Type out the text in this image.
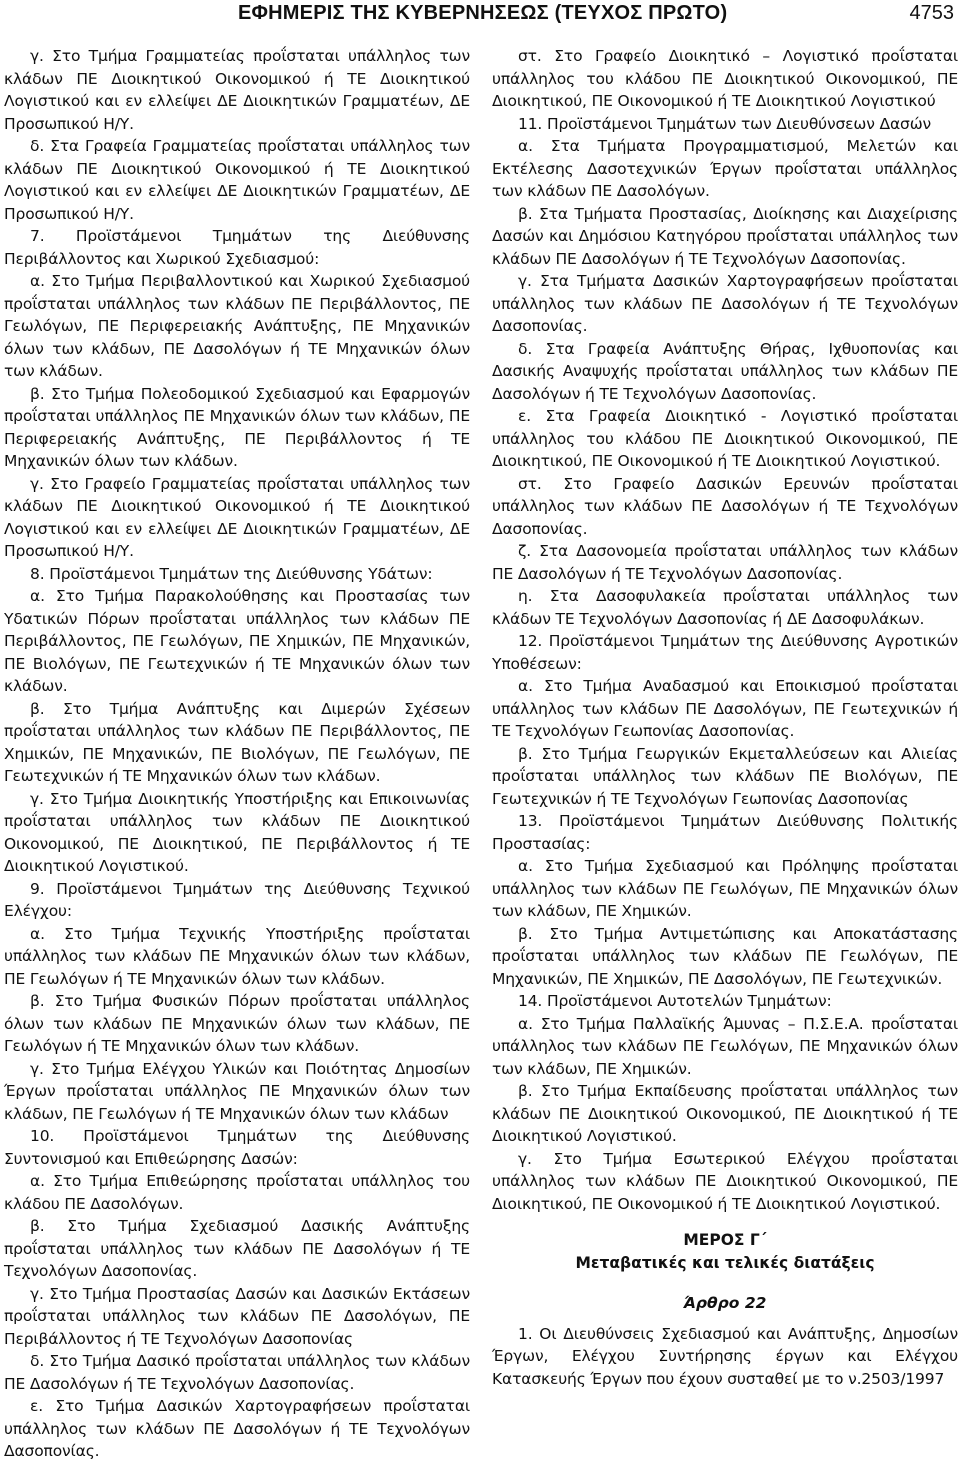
ΕΦΗΜΕΡΙΣ ΤΗΣ ΚΥΒΕΡΝΗΣΕΩΣ (ΤΕΥΧΟΣ ΠΡΩΤΟ)	4753

γ. Στο Τμήμα Γραμματείας προΐσταται υπάλληλος των κλάδων ΠΕ Διοικητικού Οικονομικού ή ΤΕ Διοικητικού Λογιστικού και εν ελλείψει ΔΕ Διοικητικών Γραμματέων, ΔΕ Προσωπικού Η/Υ.

δ. Στα Γραφεία Γραμματείας προΐσταται υπάλληλος των κλάδων ΠΕ Διοικητικού Οικονομικού ή ΤΕ Διοικητικού Λογιστικού και εν ελλείψει ΔΕ Διοικητικών Γραμματέων, ΔΕ Προσωπικού Η/Υ.

7. Προϊστάμενοι Τμημάτων της Διεύθυνσης Περιβάλλοντος και Χωρικού Σχεδιασμού:

α. Στο Τμήμα Περιβαλλοντικού και Χωρικού Σχεδιασμού προΐσταται υπάλληλος των κλάδων ΠΕ Περιβάλλοντος, ΠΕ Γεωλόγων, ΠΕ Περιφερειακής Ανάπτυξης, ΠΕ Μηχανικών όλων των κλάδων, ΠΕ Δασολόγων ή ΤΕ Μηχανικών όλων των κλάδων.

β. Στο Τμήμα Πολεοδομικού Σχεδιασμού και Εφαρμογών προΐσταται υπάλληλος ΠΕ Μηχανικών όλων των κλάδων, ΠΕ Περιφερειακής Ανάπτυξης, ΠΕ Περιβάλλοντος ή ΤΕ Μηχανικών όλων των κλάδων.

γ. Στο Γραφείο Γραμματείας προΐσταται υπάλληλος των κλάδων ΠΕ Διοικητικού Οικονομικού ή ΤΕ Διοικητικού Λογιστικού και εν ελλείψει ΔΕ Διοικητικών Γραμματέων, ΔΕ Προσωπικού Η/Υ.

8. Προϊστάμενοι Τμημάτων της Διεύθυνσης Υδάτων:

α. Στο Τμήμα Παρακολούθησης και Προστασίας των Υδατικών Πόρων προΐσταται υπάλληλος των κλάδων ΠΕ Περιβάλλοντος, ΠΕ Γεωλόγων, ΠΕ Χημικών, ΠΕ Μηχανικών, ΠΕ Βιολόγων, ΠΕ Γεωτεχνικών ή ΤΕ Μηχανικών όλων των κλάδων.

β. Στο Τμήμα Ανάπτυξης και Διμερών Σχέσεων προΐσταται υπάλληλος των κλάδων ΠΕ Περιβάλλοντος, ΠΕ Χημικών, ΠΕ Μηχανικών, ΠΕ Βιολόγων, ΠΕ Γεωλόγων, ΠΕ Γεωτεχνικών ή ΤΕ Μηχανικών όλων των κλάδων.

γ. Στο Τμήμα Διοικητικής Υποστήριξης και Επικοινωνίας προΐσταται υπάλληλος των κλάδων ΠΕ Διοικητικού Οικονομικού, ΠΕ Διοικητικού, ΠΕ Περιβάλλοντος ή ΤΕ Διοικητικού Λογιστικού.

9. Προϊστάμενοι Τμημάτων της Διεύθυνσης Τεχνικού Ελέγχου:

α. Στο Τμήμα Τεχνικής Υποστήριξης προΐσταται υπάλληλος των κλάδων ΠΕ Μηχανικών όλων των κλάδων, ΠΕ Γεωλόγων ή ΤΕ Μηχανικών όλων των κλάδων.

β. Στο Τμήμα Φυσικών Πόρων προΐσταται υπάλληλος όλων των κλάδων ΠΕ Μηχανικών όλων των κλάδων, ΠΕ Γεωλόγων ή ΤΕ Μηχανικών όλων των κλάδων.

γ. Στο Τμήμα Ελέγχου Υλικών και Ποιότητας Δημοσίων Έργων προΐσταται υπάλληλος ΠΕ Μηχανικών όλων των κλάδων, ΠΕ Γεωλόγων ή ΤΕ Μηχανικών όλων των κλάδων

10. Προϊστάμενοι Τμημάτων της Διεύθυνσης Συντονισμού και Επιθεώρησης Δασών:

α. Στο Τμήμα Επιθεώρησης προΐσταται υπάλληλος του κλάδου ΠΕ Δασολόγων.

β. Στο Τμήμα Σχεδιασμού Δασικής Ανάπτυξης προΐσταται υπάλληλος των κλάδων ΠΕ Δασολόγων ή ΤΕ Τεχνολόγων Δασοπονίας.

γ. Στο Τμήμα Προστασίας Δασών και Δασικών Εκτάσεων προΐσταται υπάλληλος των κλάδων ΠΕ Δασολόγων, ΠΕ Περιβάλλοντος ή ΤΕ Τεχνολόγων Δασοπονίας

δ. Στο Τμήμα Δασικό προΐσταται υπάλληλος των κλάδων ΠΕ Δασολόγων ή ΤΕ Τεχνολόγων Δασοπονίας.

ε. Στο Τμήμα Δασικών Χαρτογραφήσεων προΐσταται υπάλληλος των κλάδων ΠΕ Δασολόγων ή ΤΕ Τεχνολόγων Δασοπονίας.

στ. Στο Γραφείο Διοικητικό – Λογιστικό προΐσταται υπάλληλος του κλάδου ΠΕ Διοικητικού Οικονομικού, ΠΕ Διοικητικού, ΠΕ Οικονομικού ή ΤΕ Διοικητικού Λογιστικού

11. Προϊστάμενοι Τμημάτων των Διευθύνσεων Δασών

α. Στα Τμήματα Προγραμματισμού, Μελετών και Εκτέλεσης Δασοτεχνικών Έργων προΐσταται υπάλληλος των κλάδων ΠΕ Δασολόγων.

β. Στα Τμήματα Προστασίας, Διοίκησης και Διαχείρισης Δασών και Δημόσιου Κατηγόρου προΐσταται υπάλληλος των κλάδων ΠΕ Δασολόγων ή ΤΕ Τεχνολόγων Δασοπονίας.

γ. Στα Τμήματα Δασικών Χαρτογραφήσεων προΐσταται υπάλληλος των κλάδων ΠΕ Δασολόγων ή ΤΕ Τεχνολόγων Δασοπονίας.

δ. Στα Γραφεία Ανάπτυξης Θήρας, Ιχθυοπονίας και Δασικής Αναψυχής προΐσταται υπάλληλος των κλάδων ΠΕ Δασολόγων ή ΤΕ Τεχνολόγων Δασοπονίας.

ε. Στα Γραφεία Διοικητικό - Λογιστικό προΐσταται υπάλληλος του κλάδου ΠΕ Διοικητικού Οικονομικού, ΠΕ Διοικητικού, ΠΕ Οικονομικού ή ΤΕ Διοικητικού Λογιστικού.

στ. Στο Γραφείο Δασικών Ερευνών προΐσταται υπάλληλος των κλάδων ΠΕ Δασολόγων ή ΤΕ Τεχνολόγων Δασοπονίας.

ζ. Στα Δασονομεία προΐσταται υπάλληλος των κλάδων ΠΕ Δασολόγων ή ΤΕ Τεχνολόγων Δασοπονίας.

η. Στα Δασοφυλακεία προΐσταται υπάλληλος των κλάδων ΤΕ Τεχνολόγων Δασοπονίας ή ΔΕ Δασοφυλάκων.

12. Προϊστάμενοι Τμημάτων της Διεύθυνσης Αγροτικών Υποθέσεων:

α. Στο Τμήμα Αναδασμού και Εποικισμού προΐσταται υπάλληλος των κλάδων ΠΕ Δασολόγων, ΠΕ Γεωτεχνικών ή ΤΕ Τεχνολόγων Γεωπονίας Δασοπονίας.

β. Στο Τμήμα Γεωργικών Εκμεταλλεύσεων και Αλιείας προΐσταται υπάλληλος των κλάδων ΠΕ Βιολόγων, ΠΕ Γεωτεχνικών ή ΤΕ Τεχνολόγων Γεωπονίας Δασοπονίας

13. Προϊστάμενοι Τμημάτων Διεύθυνσης Πολιτικής Προστασίας:

α. Στο Τμήμα Σχεδιασμού και Πρόληψης προΐσταται υπάλληλος των κλάδων ΠΕ Γεωλόγων, ΠΕ Μηχανικών όλων των κλάδων, ΠΕ Χημικών.

β. Στο Τμήμα Αντιμετώπισης και Αποκατάστασης προΐσταται υπάλληλος των κλάδων ΠΕ Γεωλόγων, ΠΕ Μηχανικών, ΠΕ Χημικών, ΠΕ Δασολόγων, ΠΕ Γεωτεχνικών.

14. Προϊστάμενοι Αυτοτελών Τμημάτων:

α. Στο Τμήμα Παλλαϊκής Άμυνας – Π.Σ.Ε.Α. προΐσταται υπάλληλος των κλάδων ΠΕ Γεωλόγων, ΠΕ Μηχανικών όλων των κλάδων, ΠΕ Χημικών.

β. Στο Τμήμα Εκπαίδευσης προΐσταται υπάλληλος των κλάδων ΠΕ Διοικητικού Οικονομικού, ΠΕ Διοικητικού ή ΤΕ Διοικητικού Λογιστικού.

γ. Στο Τμήμα Εσωτερικού Ελέγχου προΐσταται υπάλληλος των κλάδων ΠΕ Διοικητικού Οικονομικού, ΠΕ Διοικητικού, ΠΕ Οικονομικού ή ΤΕ Διοικητικού Λογιστικού.

ΜΕΡΟΣ Γ΄
Μεταβατικές και τελικές διατάξεις
Άρθρο 22

1. Οι Διευθύνσεις Σχεδιασμού και Ανάπτυξης, Δημοσίων Έργων, Ελέγχου Συντήρησης έργων και Ελέγχου Κατασκευής Έργων που έχουν συσταθεί με το ν.2503/1997
